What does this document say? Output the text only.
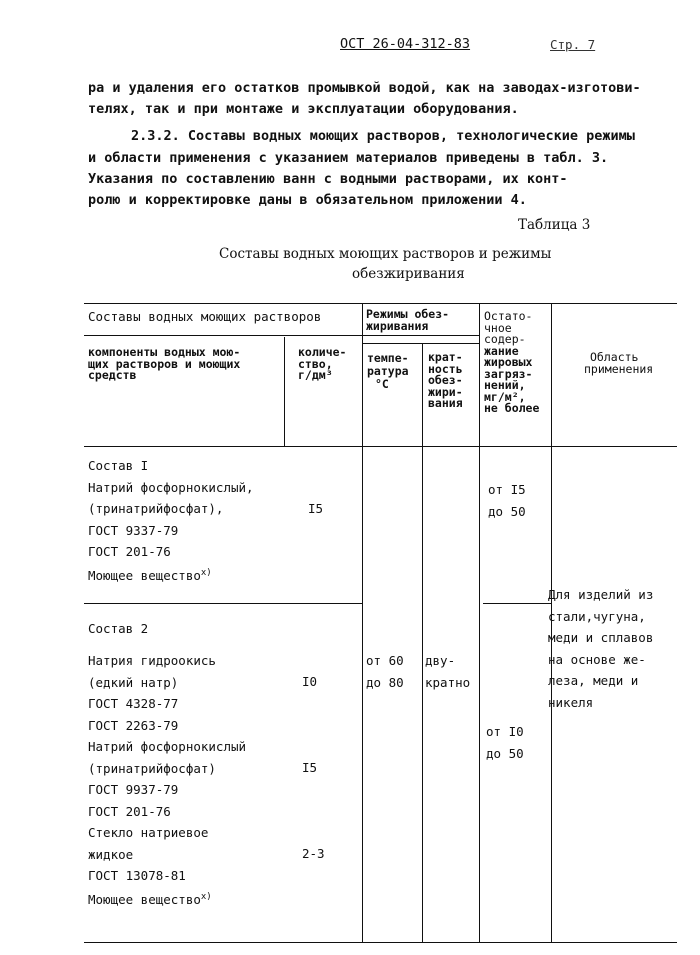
ОСТ 26-04-312-83	Стр. 7
ра и удаления его остатков промывкой водой, как на заводах-изготови-
телях, так и при монтаже и эксплуатации оборудования.
2.3.2. Составы водных моющих растворов, технологические режимы
и области применения с указанием материалов приведены в табл. 3.
Указания по составлению ванн с водными растворами, их конт-
ролю и корректировке даны в обязательном приложении 4.
Таблица 3
Составы водных моющих растворов и режимы
обезжиривания
Составы водных моющих растворов	Режимы обез-
жиривания
компоненты водных мою-
щих растворов и моющих
средств
количе-
ство,
г/дм³
темпе-
ратура
°С
крат-
ность
обез-
жири-
вания
Остато-
чное
содер-
жание
жировых
загряз-
нений,
мг/м²,
не более
Область
применения
Состав I
Натрий фосфорнокислый,
(тринатрийфосфат),
ГОСТ 9337-79
ГОСТ 201-76
Моющее вещество$^{x)}$
I5
от I5
до 50
Для изделий из
стали,чугуна,
меди и сплавов
на основе же-
леза, меди и
никеля
Состав 2
Натрия гидроокись
(едкий натр)
ГОСТ 4328-77
ГОСТ 2263-79
Натрий фосфорнокислый
(тринатрийфосфат)
ГОСТ 9937-79
ГОСТ 201-76
Стекло натриевое
жидкое
ГОСТ 13078-81
Моющее вещество$^{x)}$
I0
I5
2-3
от 60
до 80
дву-
кратно
от I0
до 50
